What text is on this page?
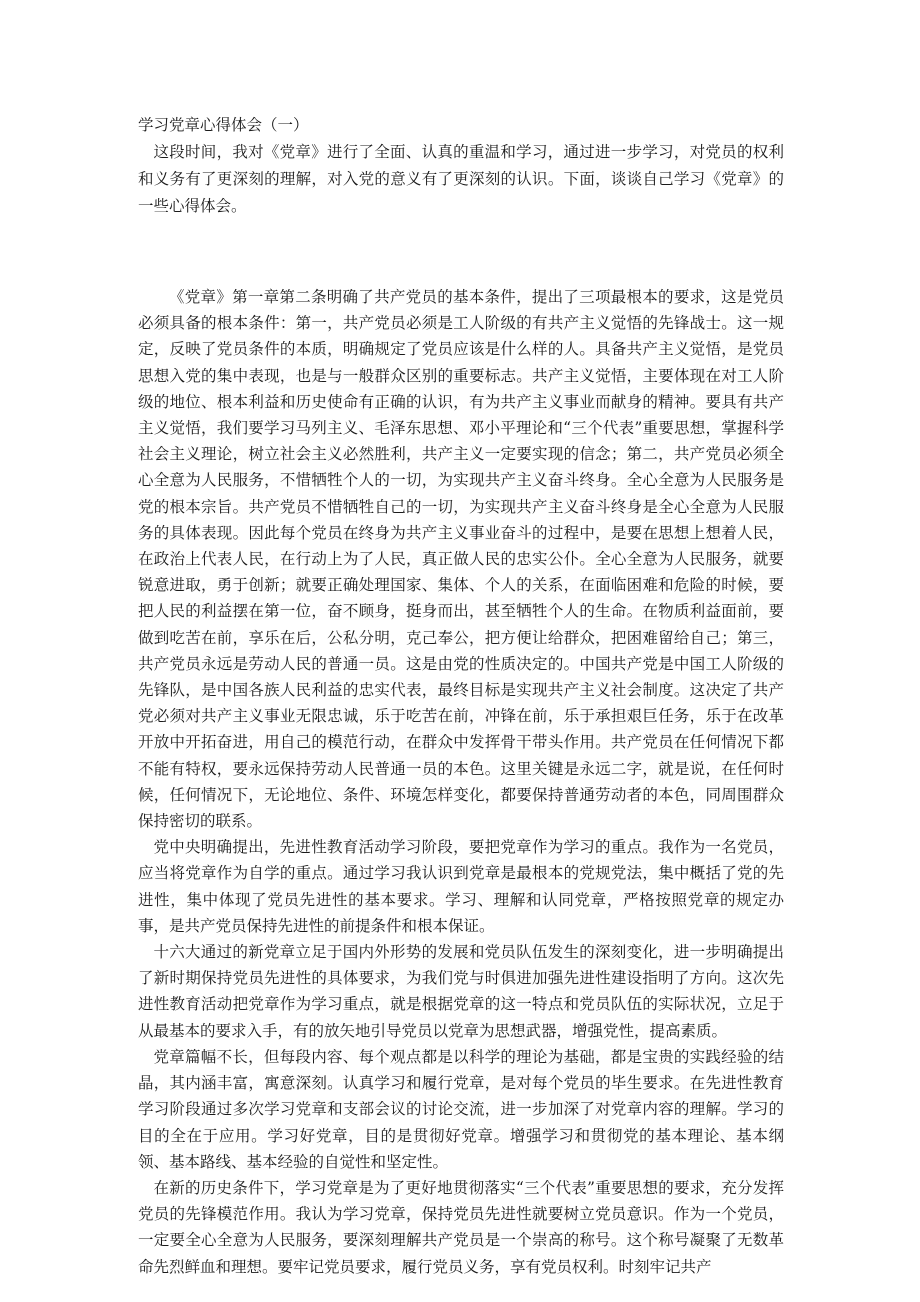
学习党章心得体会（一）

这段时间，我对《党章》进行了全面、认真的重温和学习，通过进一步学习，对党员的权利和义务有了更深刻的理解，对入党的意义有了更深刻的认识。下面，谈谈自己学习《党章》的一些心得体会。

《党章》第一章第二条明确了共产党员的基本条件，提出了三项最根本的要求，这是党员必须具备的根本条件：第一，共产党员必须是工人阶级的有共产主义觉悟的先锋战士。这一规定，反映了党员条件的本质，明确规定了党员应该是什么样的人。具备共产主义觉悟，是党员思想入党的集中表现，也是与一般群众区别的重要标志。共产主义觉悟，主要体现在对工人阶级的地位、根本利益和历史使命有正确的认识，有为共产主义事业而献身的精神。要具有共产主义觉悟，我们要学习马列主义、毛泽东思想、邓小平理论和“三个代表”重要思想，掌握科学社会主义理论，树立社会主义必然胜利，共产主义一定要实现的信念；第二，共产党员必须全心全意为人民服务，不惜牺牲个人的一切，为实现共产主义奋斗终身。全心全意为人民服务是党的根本宗旨。共产党员不惜牺牲自己的一切，为实现共产主义奋斗终身是全心全意为人民服务的具体表现。因此每个党员在终身为共产主义事业奋斗的过程中，是要在思想上想着人民，在政治上代表人民，在行动上为了人民，真正做人民的忠实公仆。全心全意为人民服务，就要锐意进取，勇于创新；就要正确处理国家、集体、个人的关系，在面临困难和危险的时候，要把人民的利益摆在第一位，奋不顾身，挺身而出，甚至牺牲个人的生命。在物质利益面前，要做到吃苦在前，享乐在后，公私分明，克己奉公，把方便让给群众，把困难留给自己；第三，共产党员永远是劳动人民的普通一员。这是由党的性质决定的。中国共产党是中国工人阶级的先锋队，是中国各族人民利益的忠实代表，最终目标是实现共产主义社会制度。这决定了共产党必须对共产主义事业无限忠诚，乐于吃苦在前，冲锋在前，乐于承担艰巨任务，乐于在改革开放中开拓奋进，用自己的模范行动，在群众中发挥骨干带头作用。共产党员在任何情况下都不能有特权，要永远保持劳动人民普通一员的本色。这里关键是永远二字，就是说，在任何时候，任何情况下，无论地位、条件、环境怎样变化，都要保持普通劳动者的本色，同周围群众保持密切的联系。

党中央明确提出，先进性教育活动学习阶段，要把党章作为学习的重点。我作为一名党员，应当将党章作为自学的重点。通过学习我认识到党章是最根本的党规党法，集中概括了党的先进性，集中体现了党员先进性的基本要求。学习、理解和认同党章，严格按照党章的规定办事，是共产党员保持先进性的前提条件和根本保证。

十六大通过的新党章立足于国内外形势的发展和党员队伍发生的深刻变化，进一步明确提出了新时期保持党员先进性的具体要求，为我们党与时俱进加强先进性建设指明了方向。这次先进性教育活动把党章作为学习重点，就是根据党章的这一特点和党员队伍的实际状况，立足于从最基本的要求入手，有的放矢地引导党员以党章为思想武器，增强党性，提高素质。

党章篇幅不长，但每段内容、每个观点都是以科学的理论为基础，都是宝贵的实践经验的结晶，其内涵丰富，寓意深刻。认真学习和履行党章，是对每个党员的毕生要求。在先进性教育学习阶段通过多次学习党章和支部会议的讨论交流，进一步加深了对党章内容的理解。学习的目的全在于应用。学习好党章，目的是贯彻好党章。增强学习和贯彻党的基本理论、基本纲领、基本路线、基本经验的自觉性和坚定性。

在新的历史条件下，学习党章是为了更好地贯彻落实“三个代表”重要思想的要求，充分发挥党员的先锋模范作用。我认为学习党章，保持党员先进性就要树立党员意识。作为一个党员，一定要全心全意为人民服务，要深刻理解共产党员是一个崇高的称号。这个称号凝聚了无数革命先烈鲜血和理想。要牢记党员要求，履行党员义务，享有党员权利。时刻牢记共产
